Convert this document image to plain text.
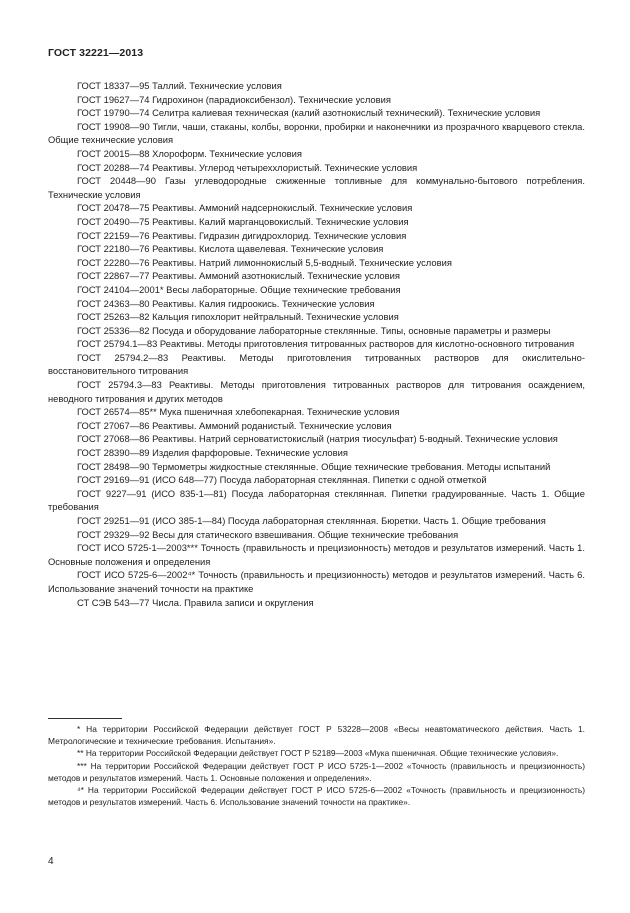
ГОСТ 32221—2013

ГОСТ 18337—95 Таллий. Технические условия

ГОСТ 19627—74 Гидрохинон (парадиоксибензол). Технические условия

ГОСТ 19790—74 Селитра калиевая техническая (калий азотнокислый технический). Технические условия

ГОСТ 19908—90 Тигли, чаши, стаканы, колбы, воронки, пробирки и наконечники из прозрачного кварцевого стекла. Общие технические условия

ГОСТ 20015—88 Хлороформ. Технические условия

ГОСТ 20288—74 Реактивы. Углерод четыреххлористый. Технические условия

ГОСТ 20448—90 Газы углеводородные сжиженные топливные для коммунально-бытового потребления. Технические условия

ГОСТ 20478—75 Реактивы. Аммоний надсернокислый. Технические условия

ГОСТ 20490—75 Реактивы. Калий марганцовокислый. Технические условия

ГОСТ 22159—76 Реактивы. Гидразин дигидрохлорид. Технические условия

ГОСТ 22180—76 Реактивы. Кислота щавелевая. Технические условия

ГОСТ 22280—76 Реактивы. Натрий лимоннокислый 5,5-водный. Технические условия

ГОСТ 22867—77 Реактивы. Аммоний азотнокислый. Технические условия

ГОСТ 24104—2001* Весы лабораторные. Общие технические требования

ГОСТ 24363—80 Реактивы. Калия гидроокись. Технические условия

ГОСТ 25263—82 Кальция гипохлорит нейтральный. Технические условия

ГОСТ 25336—82 Посуда и оборудование лабораторные стеклянные. Типы, основные параметры и размеры

ГОСТ 25794.1—83 Реактивы. Методы приготовления титрованных растворов для кислотно-основного титрования

ГОСТ 25794.2—83 Реактивы. Методы приготовления титрованных растворов для окислительно-восстановительного титрования

ГОСТ 25794.3—83 Реактивы. Методы приготовления титрованных растворов для титрования осаждением, неводного титрования и других методов

ГОСТ 26574—85** Мука пшеничная хлебопекарная. Технические условия

ГОСТ 27067—86 Реактивы. Аммоний роданистый. Технические условия

ГОСТ 27068—86 Реактивы. Натрий серноватистокислый (натрия тиосульфат) 5-водный. Технические условия

ГОСТ 28390—89 Изделия фарфоровые. Технические условия

ГОСТ 28498—90 Термометры жидкостные стеклянные. Общие технические требования. Методы испытаний

ГОСТ 29169—91 (ИСО 648—77) Посуда лабораторная стеклянная. Пипетки с одной отметкой

ГОСТ 9227—91 (ИСО 835-1—81) Посуда лабораторная стеклянная. Пипетки градуированные. Часть 1. Общие требования

ГОСТ 29251—91 (ИСО 385-1—84) Посуда лабораторная стеклянная. Бюретки. Часть 1. Общие требования

ГОСТ 29329—92 Весы для статического взвешивания. Общие технические требования

ГОСТ ИСО 5725-1—2003*** Точность (правильность и прецизионность) методов и результатов измерений. Часть 1. Основные положения и определения

ГОСТ ИСО 5725-6—2002⁴* Точность (правильность и прецизионность) методов и результатов измерений. Часть 6. Использование значений точности на практике

СТ СЭВ 543—77 Числа. Правила записи и округления

* На территории Российской Федерации действует ГОСТ Р 53228—2008 «Весы неавтоматического действия. Часть 1. Метрологические и технические требования. Испытания».

** На территории Российской Федерации действует ГОСТ Р 52189—2003 «Мука пшеничная. Общие технические условия».

*** На территории Российской Федерации действует ГОСТ Р ИСО 5725-1—2002 «Точность (правильность и прецизионность) методов и результатов измерений. Часть 1. Основные положения и определения».

⁴* На территории Российской Федерации действует ГОСТ Р ИСО 5725-6—2002 «Точность (правильность и прецизионность) методов и результатов измерений. Часть 6. Использование значений точности на практике».

4
